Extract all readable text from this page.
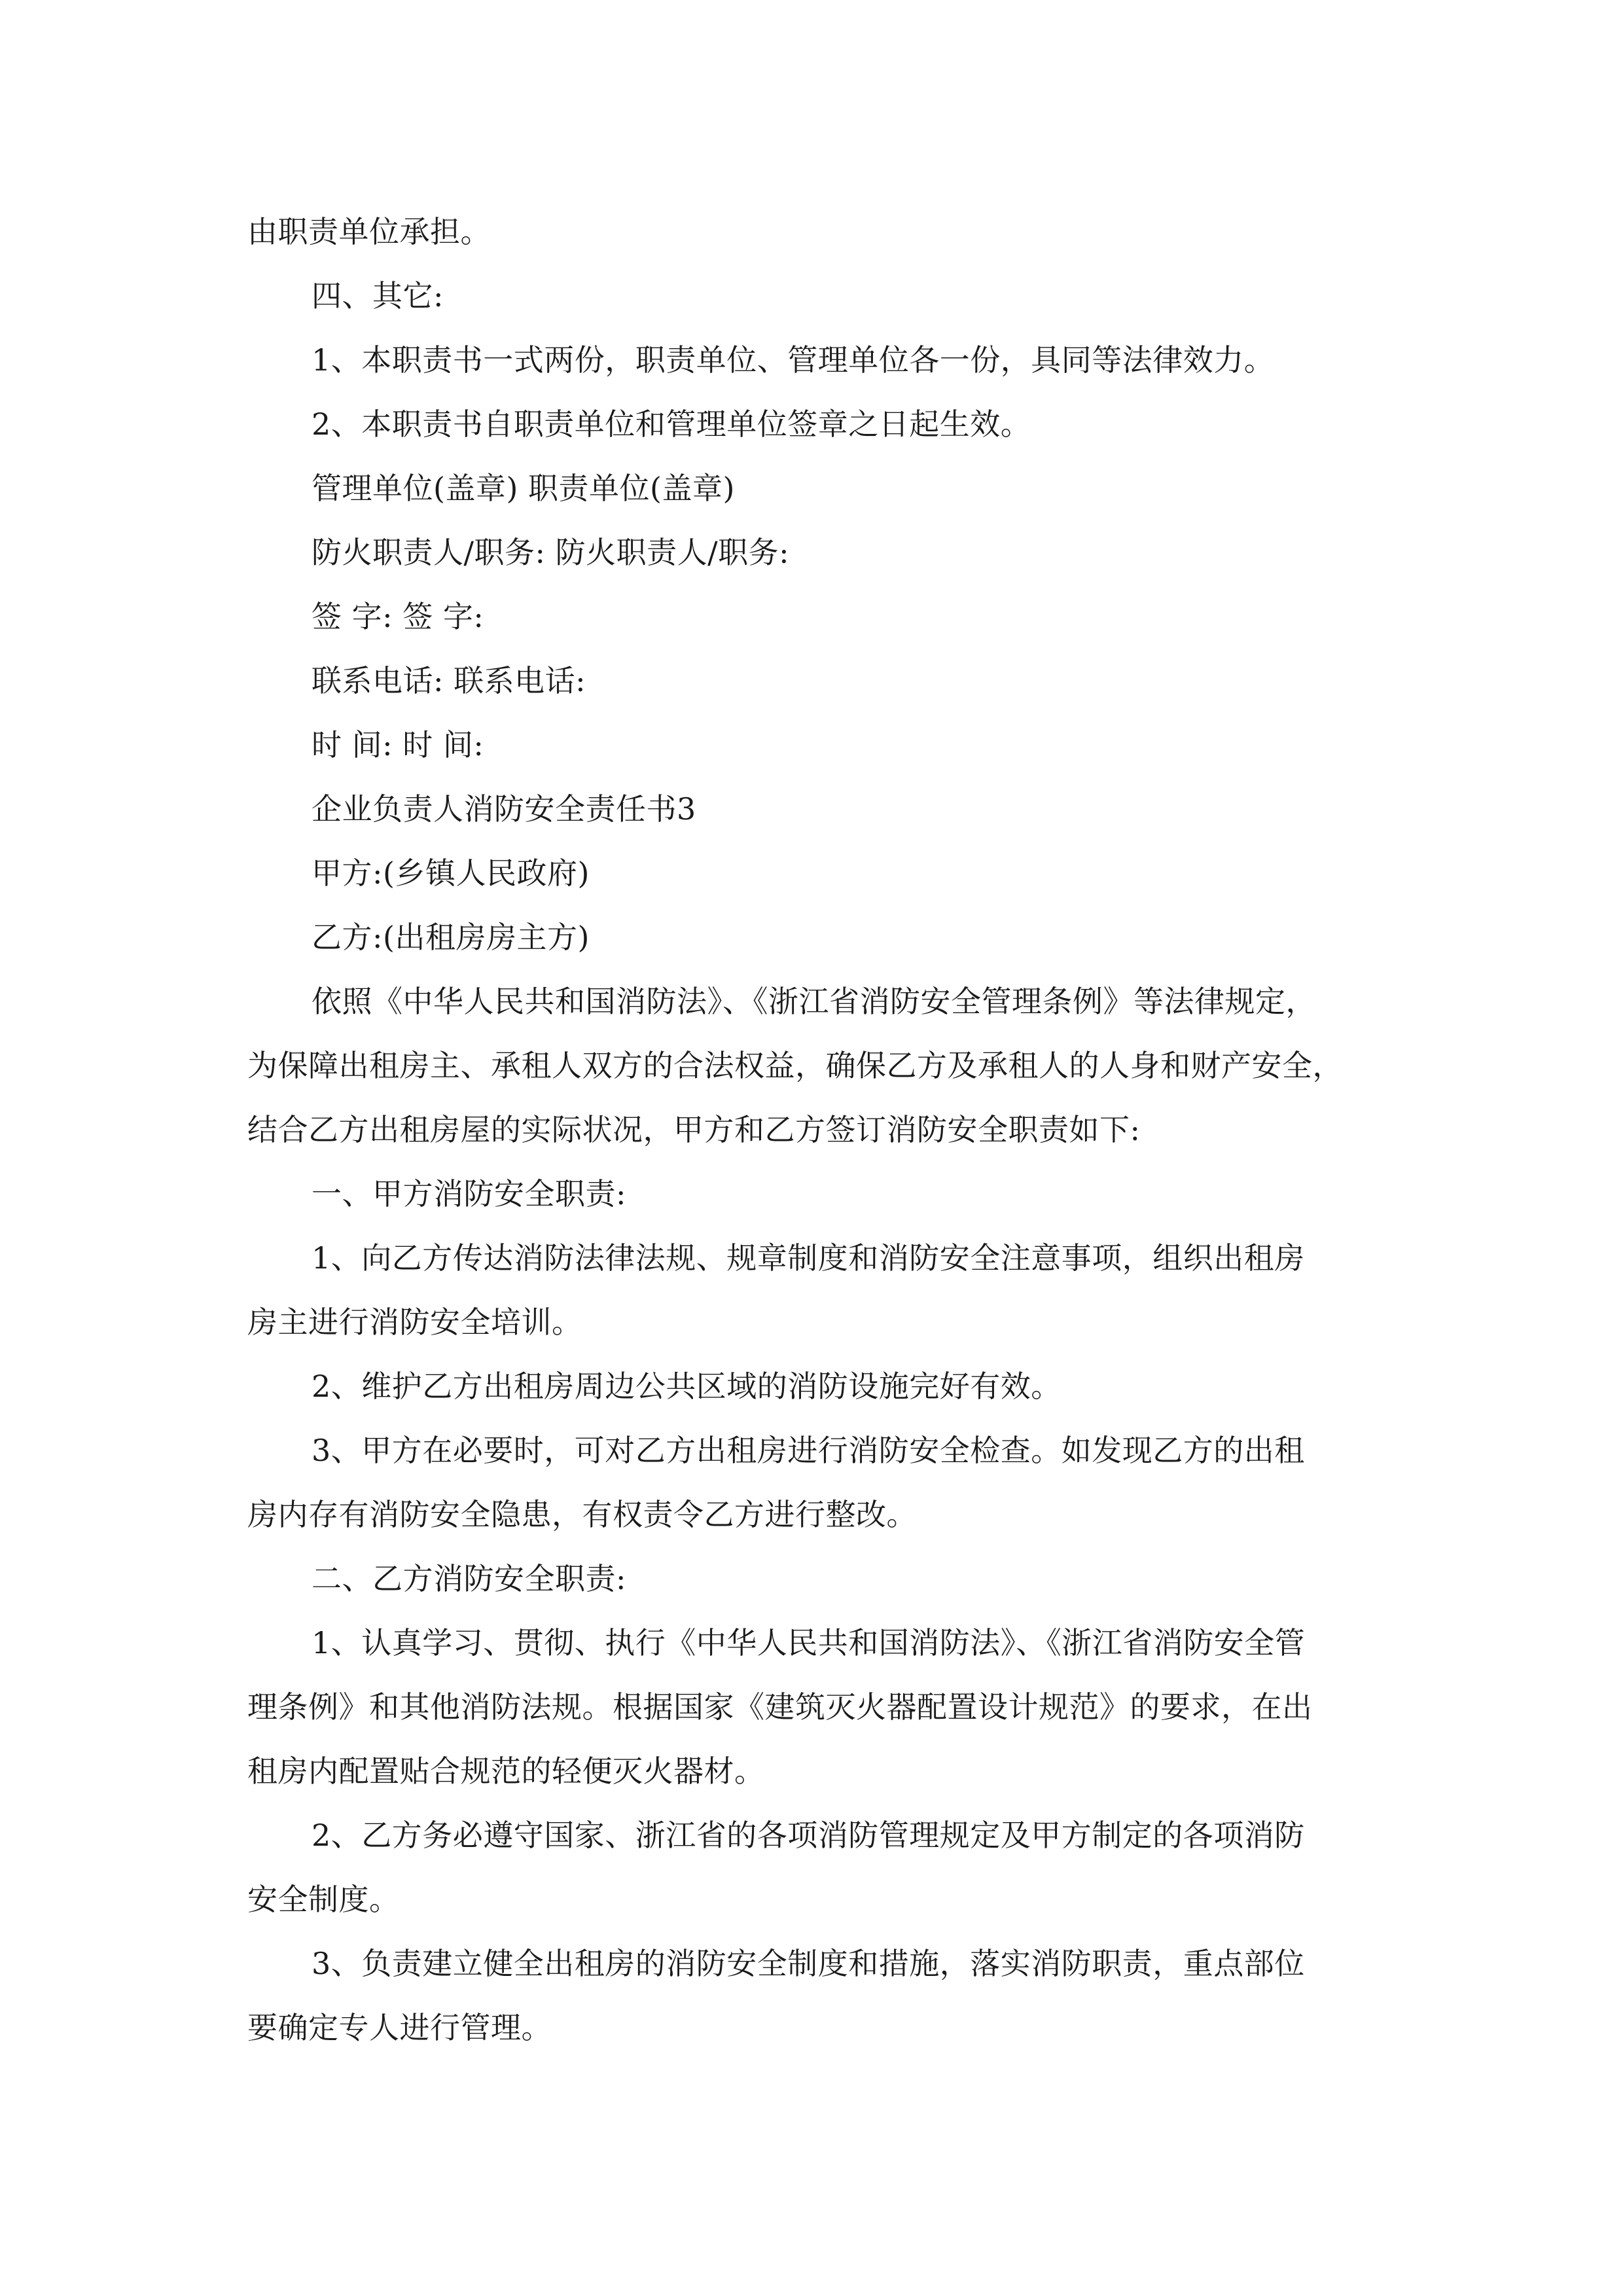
由职责单位承担。
四、其它:
1、本职责书一式两份，职责单位、管理单位各一份，具同等法律效力。
2、本职责书自职责单位和管理单位签章之日起生效。
管理单位(盖章) 职责单位(盖章)
防火职责人/职务: 防火职责人/职务:
签 字: 签 字:
联系电话: 联系电话:
时 间: 时 间:
企业负责人消防安全责任书3
甲方:(乡镇人民政府)
乙方:(出租房房主方)
依照《中华人民共和国消防法》、《浙江省消防安全管理条例》等法律规定，
为保障出租房主、承租人双方的合法权益，确保乙方及承租人的人身和财产安全，
结合乙方出租房屋的实际状况，甲方和乙方签订消防安全职责如下:
一、甲方消防安全职责:
1、向乙方传达消防法律法规、规章制度和消防安全注意事项，组织出租房
房主进行消防安全培训。
2、维护乙方出租房周边公共区域的消防设施完好有效。
3、甲方在必要时，可对乙方出租房进行消防安全检查。如发现乙方的出租
房内存有消防安全隐患，有权责令乙方进行整改。
二、乙方消防安全职责:
1、认真学习、贯彻、执行《中华人民共和国消防法》、《浙江省消防安全管
理条例》和其他消防法规。根据国家《建筑灭火器配置设计规范》的要求，在出
租房内配置贴合规范的轻便灭火器材。
2、乙方务必遵守国家、浙江省的各项消防管理规定及甲方制定的各项消防
安全制度。
3、负责建立健全出租房的消防安全制度和措施，落实消防职责，重点部位
要确定专人进行管理。
